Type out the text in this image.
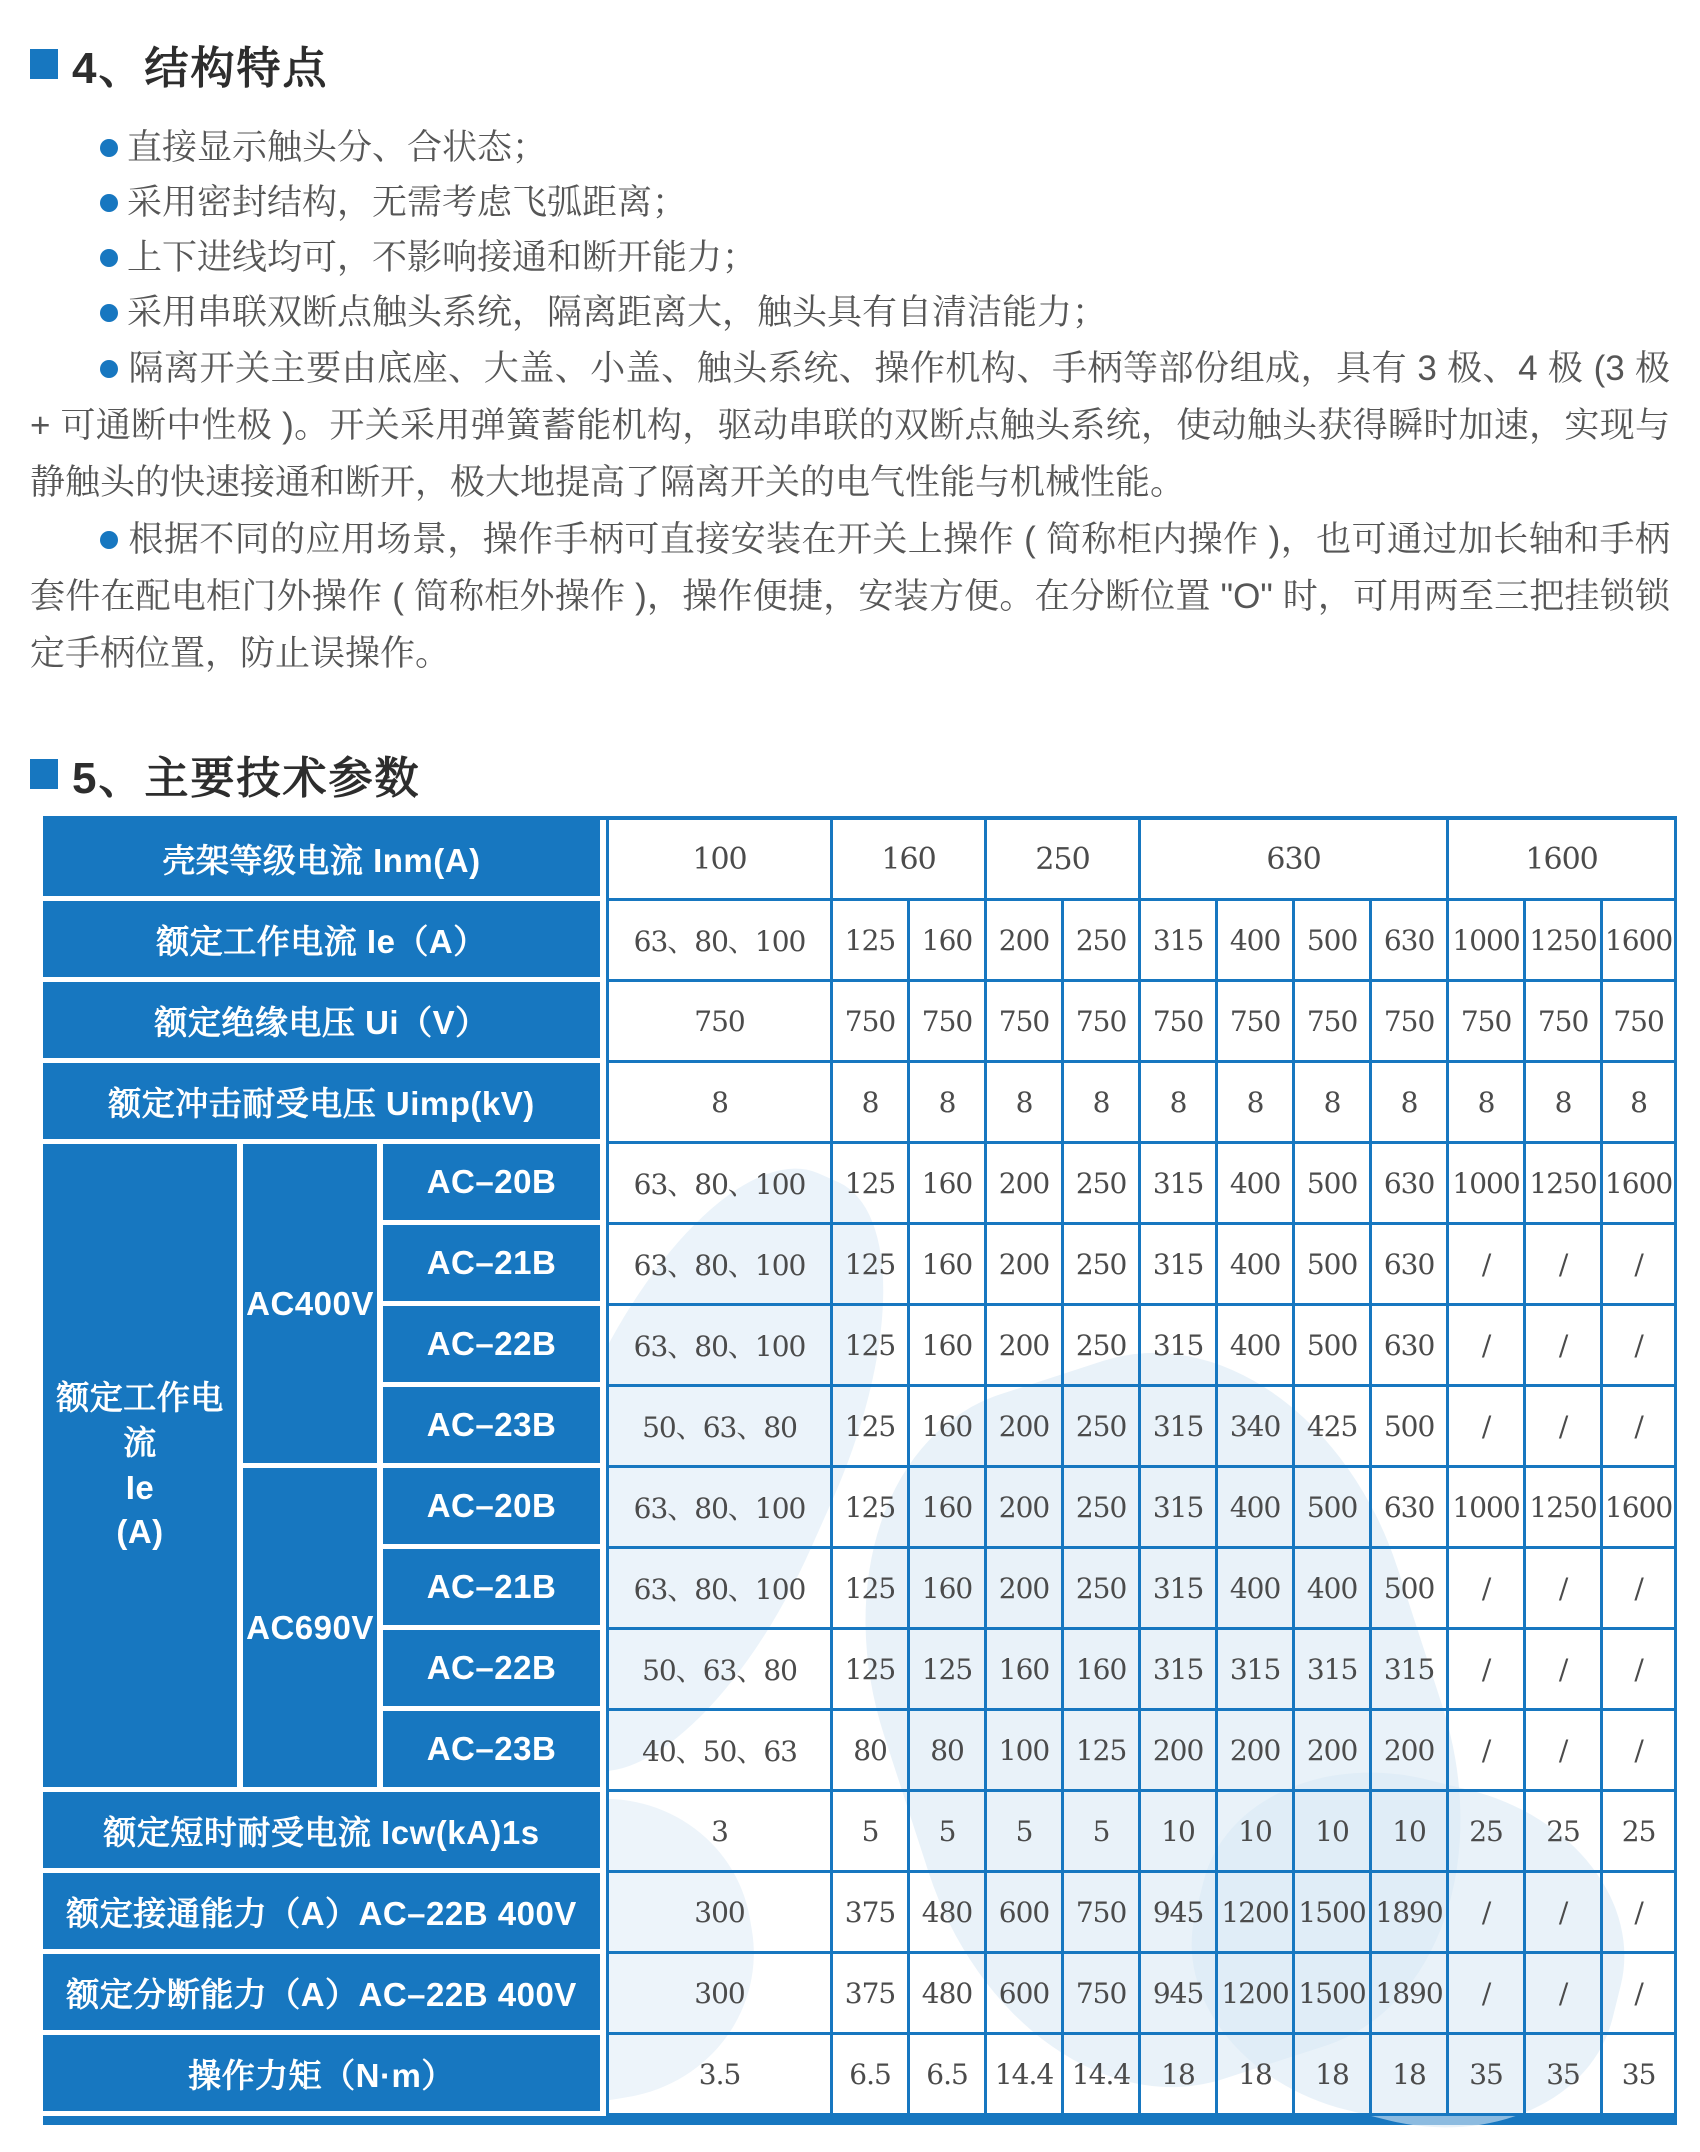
4、结构特点
直接显示触头分、合状态；
采用密封结构，无需考虑飞弧距离；
上下进线均可，不影响接通和断开能力；
采用串联双断点触头系统，隔离距离大，触头具有自清洁能力；

隔离开关主要由底座、大盖、小盖、触头系统、操作机构、手柄等部份组成，具有 3 极、4 极 (3 极 + 可通断中性极 )。开关采用弹簧蓄能机构，驱动串联的双断点触头系统，使动触头获得瞬时加速，实现与静触头的快速接通和断开，极大地提高了隔离开关的电气性能与机械性能。

根据不同的应用场景，操作手柄可直接安装在开关上操作 ( 简称柜内操作 )，也可通过加长轴和手柄套件在配电柜门外操作 ( 简称柜外操作 )，操作便捷，安装方便。在分断位置 "O" 时，可用两至三把挂锁锁定手柄位置，防止误操作。

5、主要技术参数
壳架等级电流 Inm(A)			100	160		250		630				1600		
额定工作电流 Ie（A）			63、80、100	125	160	200	250	315	400	500	630	1000	1250	1600
额定绝缘电压 Ui（V）			750	750	750	750	750	750	750	750	750	750	750	750
额定冲击耐受电压 Uimp(kV)			8	8	8	8	8	8	8	8	8	8	8	8

额定工作电流
Ie
(A)	AC400V	AC–20B	63、80、100	125	160	200	250	315	400	500	630	1000	1250	1600
		AC–21B	63、80、100	125	160	200	250	315	400	500	630	/	/	/
		AC–22B	63、80、100	125	160	200	250	315	400	500	630	/	/	/
		AC–23B	50、63、80	125	160	200	250	315	340	425	500	/	/	/
	AC690V	AC–20B	63、80、100	125	160	200	250	315	400	500	630	1000	1250	1600
		AC–21B	63、80、100	125	160	200	250	315	400	400	500	/	/	/
		AC–22B	50、63、80	125	125	160	160	315	315	315	315	/	/	/
		AC–23B	40、50、63	80	80	100	125	200	200	200	200	/	/	/
额定短时耐受电流 Icw(kA)1s			3	5	5	5	5	10	10	10	10	25	25	25
额定接通能力（A）AC–22B 400V			300	375	480	600	750	945	1200	1500	1890	/	/	/
额定分断能力（A）AC–22B 400V			300	375	480	600	750	945	1200	1500	1890	/	/	/
操作力矩（N·m）			3.5	6.5	6.5	14.4	14.4	18	18	18	18	35	35	35
